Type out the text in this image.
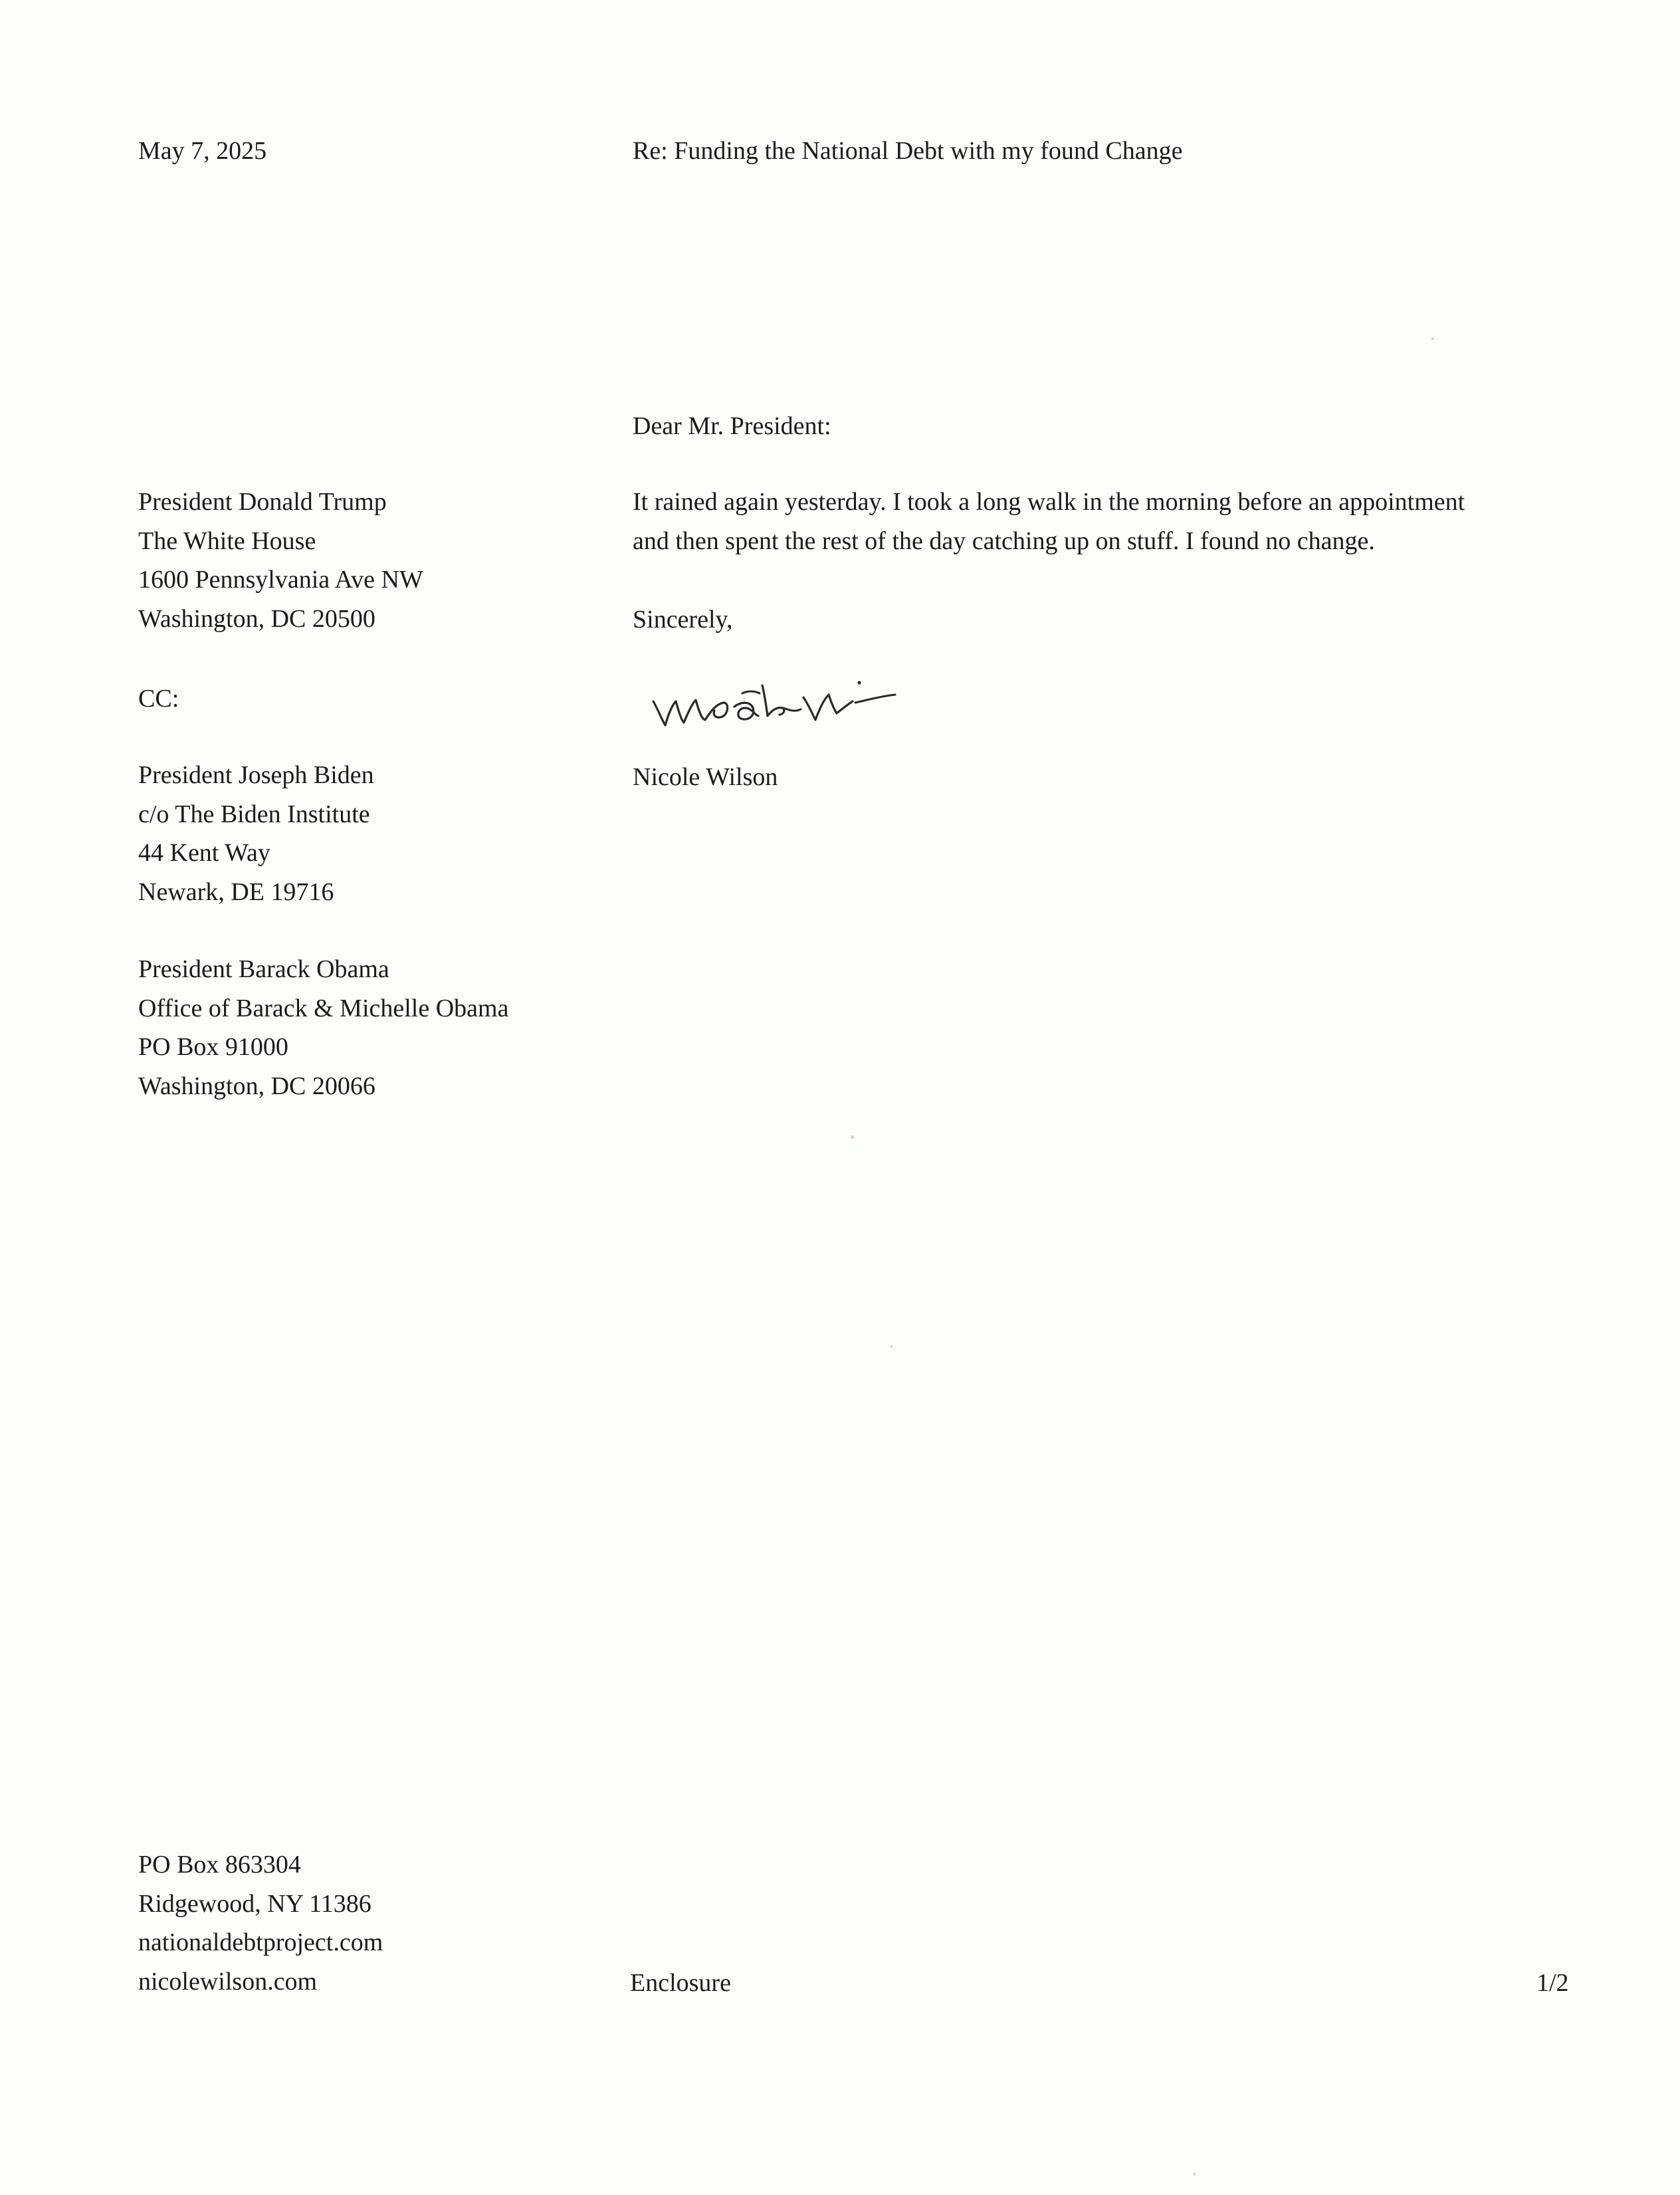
May 7, 2025	Re: Funding the National Debt with my found Change

Dear Mr. President:

It rained again yesterday. I took a long walk in the morning before an appointment
and then spent the rest of the day catching up on stuff. I found no change.

Sincerely,

Nicole Wilson

President Donald Trump
The White House
1600 Pennsylvania Ave NW
Washington, DC 20500

CC:

President Joseph Biden
c/o The Biden Institute
44 Kent Way
Newark, DE 19716
President Barack Obama
Office of Barack & Michelle Obama
PO Box 91000
Washington, DC 20066
PO Box 863304
Ridgewood, NY 11386
nationaldebtproject.com
nicolewilson.com	Enclosure	1/2
